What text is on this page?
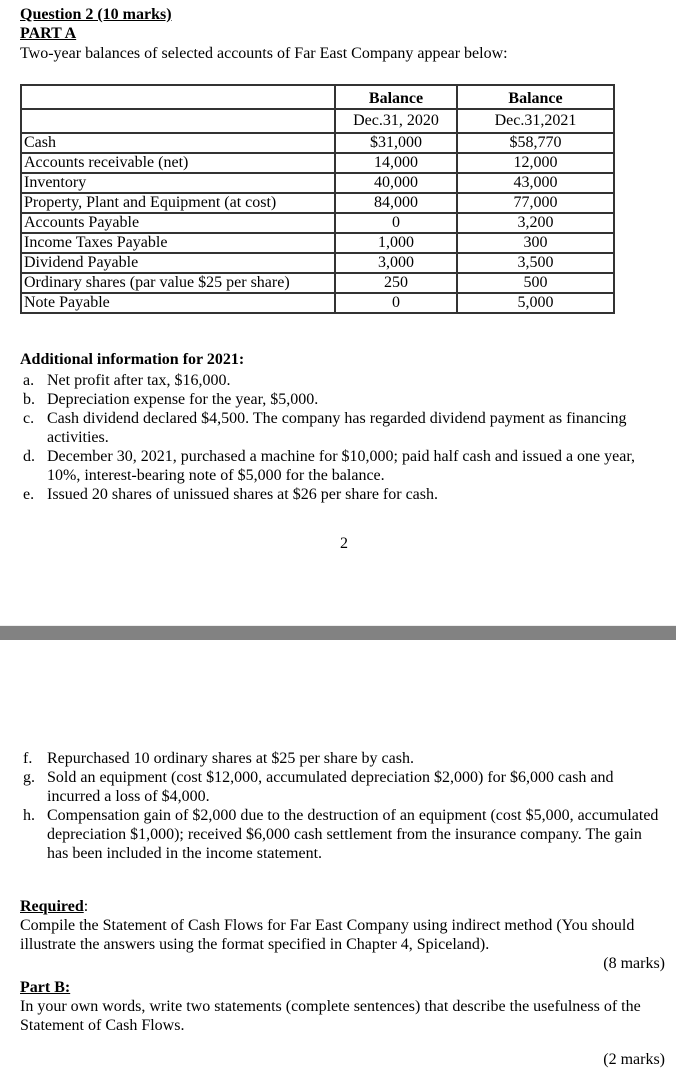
Question 2 (10 marks)
PART A
Two-year balances of selected accounts of Far East Company appear below:
	Balance	Balance
	Dec.31, 2020	Dec.31,2021
Cash	$31,000	$58,770
Accounts receivable (net)	14,000	12,000
Inventory	40,000	43,000
Property, Plant and Equipment (at cost)	84,000	77,000
Accounts Payable	0	3,200
Income Taxes Payable	1,000	300
Dividend Payable	3,000	3,500
Ordinary shares (par value $25 per share)	250	500
Note Payable	0	5,000
Additional information for 2021:
a. Net profit after tax, $16,000.
b. Depreciation expense for the year, $5,000.
c. Cash dividend declared $4,500. The company has regarded dividend payment as financing activities.
d. December 30, 2021, purchased a machine for $10,000; paid half cash and issued a one year, 10%, interest-bearing note of $5,000 for the balance.
e. Issued 20 shares of unissued shares at $26 per share for cash.
2
f. Repurchased 10 ordinary shares at $25 per share by cash.
g. Sold an equipment (cost $12,000, accumulated depreciation $2,000) for $6,000 cash and incurred a loss of $4,000.
h. Compensation gain of $2,000 due to the destruction of an equipment (cost $5,000, accumulated depreciation $1,000); received $6,000 cash settlement from the insurance company. The gain has been included in the income statement.
Required:
Compile the Statement of Cash Flows for Far East Company using indirect method (You should illustrate the answers using the format specified in Chapter 4, Spiceland).
(8 marks)
Part B:
In your own words, write two statements (complete sentences) that describe the usefulness of the Statement of Cash Flows.
(2 marks)
